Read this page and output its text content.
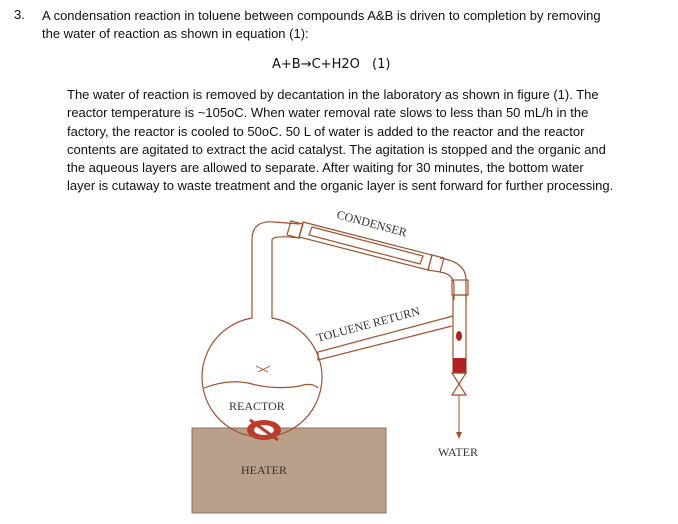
3. A condensation reaction in toluene between compounds A&B is driven to completion by removing
the water of reaction as shown in equation (1):
A+B→C+H2O (1)
The water of reaction is removed by decantation in the laboratory as shown in figure (1). The
reactor temperature is ~105oC. When water removal rate slows to less than 50 mL/h in the
factory, the reactor is cooled to 50oC. 50 L of water is added to the reactor and the reactor
contents are agitated to extract the acid catalyst. The agitation is stopped and the organic and
the aqueous layers are allowed to separate. After waiting for 30 minutes, the bottom water
layer is cutaway to waste treatment and the organic layer is sent forward for further processing.
HEATER
REACTOR
CONDENSER
WATER
TOLUENE RETURN
